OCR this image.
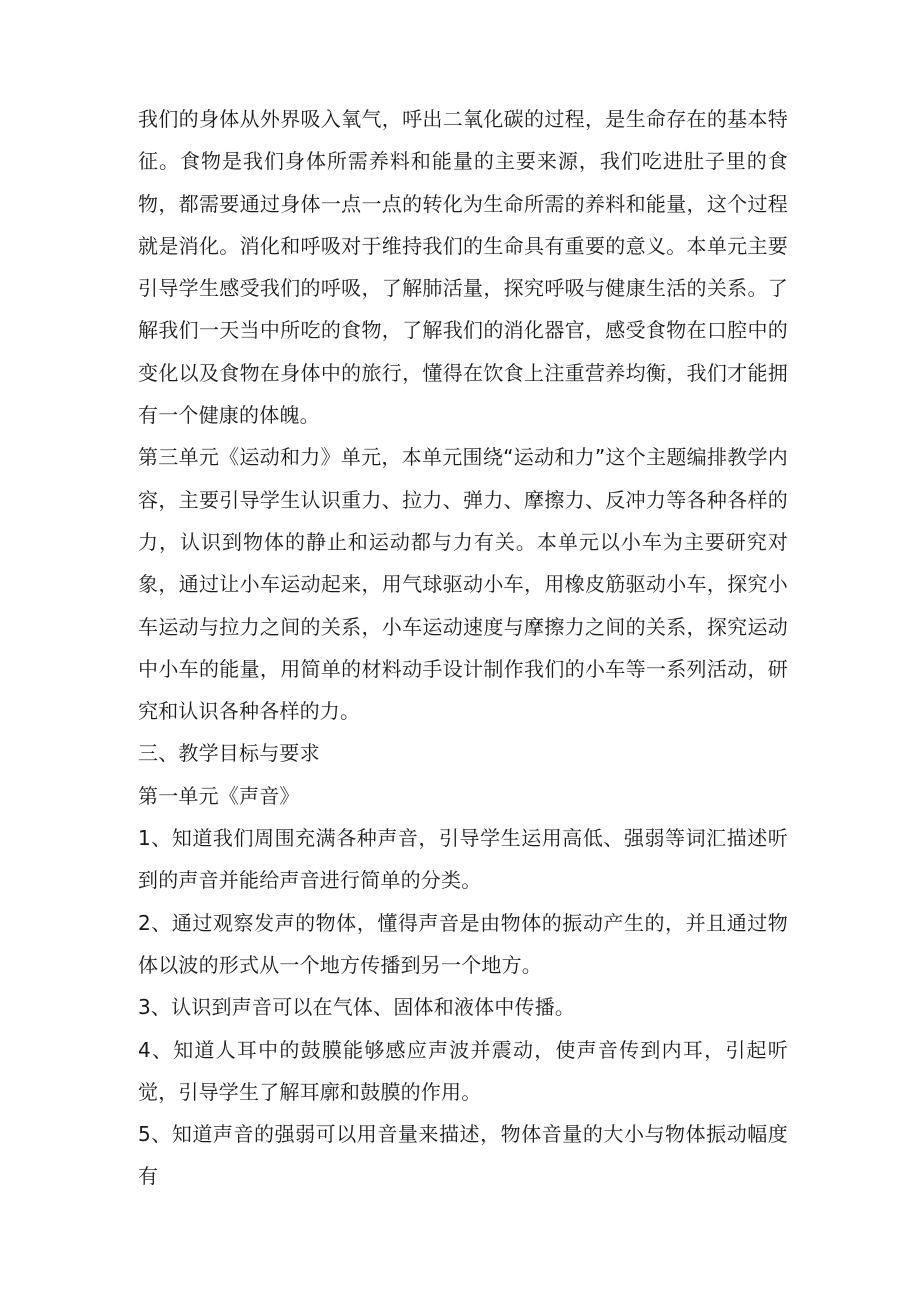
我们的身体从外界吸入氧气，呼出二氧化碳的过程，是生命存在的基本特征。食物是我们身体所需养料和能量的主要来源，我们吃进肚子里的食物，都需要通过身体一点一点的转化为生命所需的养料和能量，这个过程就是消化。消化和呼吸对于维持我们的生命具有重要的意义。本单元主要引导学生感受我们的呼吸，了解肺活量，探究呼吸与健康生活的关系。了解我们一天当中所吃的食物，了解我们的消化器官，感受食物在口腔中的变化以及食物在身体中的旅行，懂得在饮食上注重营养均衡，我们才能拥有一个健康的体魄。

第三单元《运动和力》单元，本单元围绕“运动和力”这个主题编排教学内容，主要引导学生认识重力、拉力、弹力、摩擦力、反冲力等各种各样的力，认识到物体的静止和运动都与力有关。本单元以小车为主要研究对象，通过让小车运动起来，用气球驱动小车，用橡皮筋驱动小车，探究小车运动与拉力之间的关系，小车运动速度与摩擦力之间的关系，探究运动中小车的能量，用简单的材料动手设计制作我们的小车等一系列活动，研究和认识各种各样的力。

三、教学目标与要求

第一单元《声音》

1、知道我们周围充满各种声音，引导学生运用高低、强弱等词汇描述听到的声音并能给声音进行简单的分类。

2、通过观察发声的物体，懂得声音是由物体的振动产生的，并且通过物体以波的形式从一个地方传播到另一个地方。

3、认识到声音可以在气体、固体和液体中传播。

4、知道人耳中的鼓膜能够感应声波并震动，使声音传到内耳，引起听觉，引导学生了解耳廓和鼓膜的作用。

5、知道声音的强弱可以用音量来描述，物体音量的大小与物体振动幅度有
